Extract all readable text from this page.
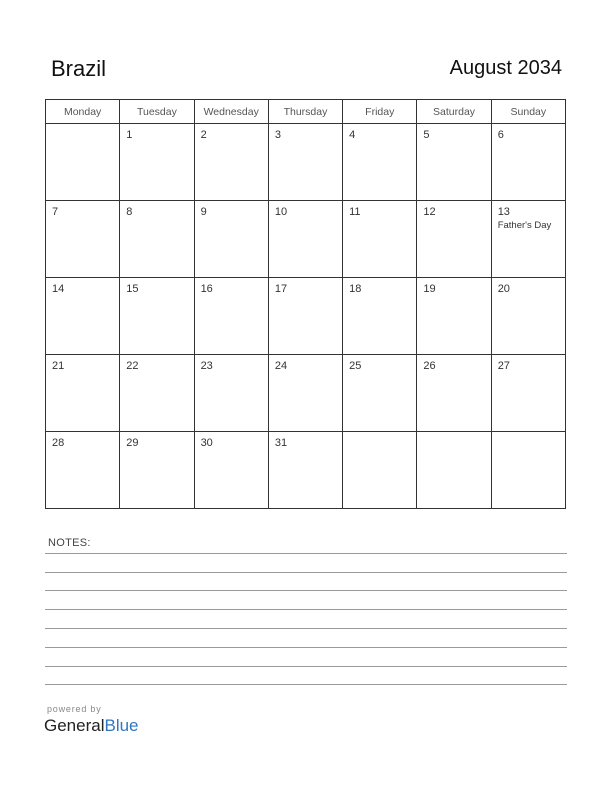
Brazil	August 2034
Monday	Tuesday	Wednesday	Thursday	Friday	Saturday	Sunday

	1	2	3	4	5	6

7	8	9	10	11	12	13
Father's Day

14	15	16	17	18	19	20

21	22	23	24	25	26	27

28	29	30	31			

NOTES:
powered by
GeneralBlue
